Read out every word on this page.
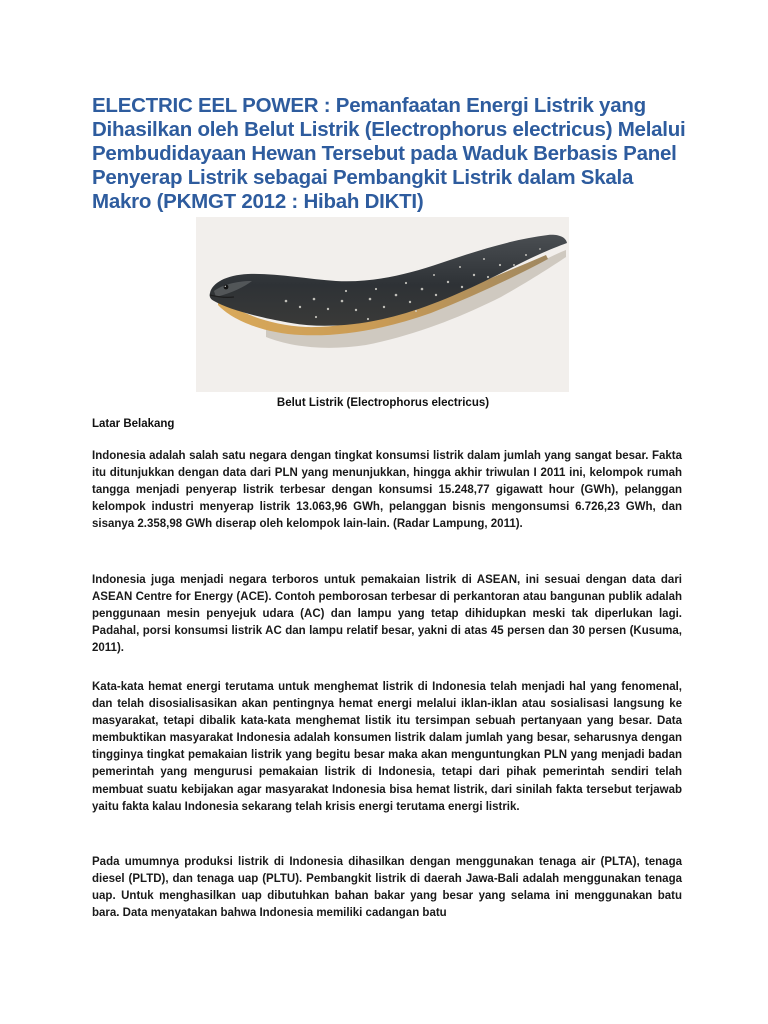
ELECTRIC EEL POWER : Pemanfaatan Energi Listrik yang Dihasilkan oleh Belut Listrik (Electrophorus electricus) Melalui Pembudidayaan Hewan Tersebut pada Waduk Berbasis Panel Penyerap Listrik sebagai Pembangkit Listrik dalam Skala Makro (PKMGT 2012 : Hibah DIKTI)
Belut Listrik (Electrophorus electricus)
Latar Belakang

Indonesia adalah salah satu negara dengan tingkat konsumsi listrik dalam jumlah yang sangat besar. Fakta itu ditunjukkan dengan data dari PLN yang menunjukkan, hingga akhir triwulan I 2011 ini, kelompok rumah tangga menjadi penyerap listrik terbesar dengan konsumsi 15.248,77 gigawatt hour (GWh), pelanggan kelompok industri menyerap listrik 13.063,96 GWh, pelanggan bisnis mengonsumsi 6.726,23 GWh, dan sisanya 2.358,98 GWh diserap oleh kelompok lain-lain. (Radar Lampung, 2011).

Indonesia juga menjadi negara terboros untuk pemakaian listrik di ASEAN, ini sesuai dengan data dari ASEAN Centre for Energy (ACE). Contoh pemborosan terbesar di perkantoran atau bangunan publik adalah penggunaan mesin penyejuk udara (AC) dan lampu yang tetap dihidupkan meski tak diperlukan lagi. Padahal, porsi konsumsi listrik AC dan lampu relatif besar, yakni di atas 45 persen dan 30 persen (Kusuma, 2011).

Kata-kata hemat energi terutama untuk menghemat listrik di Indonesia telah menjadi hal yang fenomenal, dan telah disosialisasikan akan pentingnya hemat energi melalui iklan-iklan atau sosialisasi langsung ke masyarakat, tetapi dibalik kata-kata menghemat listik itu tersimpan sebuah pertanyaan yang besar. Data membuktikan masyarakat Indonesia adalah konsumen listrik dalam jumlah yang besar, seharusnya dengan tingginya tingkat pemakaian listrik yang begitu besar maka akan menguntungkan PLN yang menjadi badan pemerintah yang mengurusi pemakaian listrik di Indonesia, tetapi dari pihak pemerintah sendiri telah membuat suatu kebijakan agar masyarakat Indonesia bisa hemat listrik, dari sinilah fakta tersebut terjawab yaitu fakta kalau Indonesia sekarang telah krisis energi terutama energi listrik.

Pada umumnya produksi listrik di Indonesia dihasilkan dengan menggunakan tenaga air (PLTA), tenaga diesel (PLTD), dan tenaga uap (PLTU). Pembangkit listrik di daerah Jawa-Bali adalah menggunakan tenaga uap. Untuk menghasilkan uap dibutuhkan bahan bakar yang besar yang selama ini menggunakan batu bara. Data menyatakan bahwa Indonesia memiliki cadangan batu
